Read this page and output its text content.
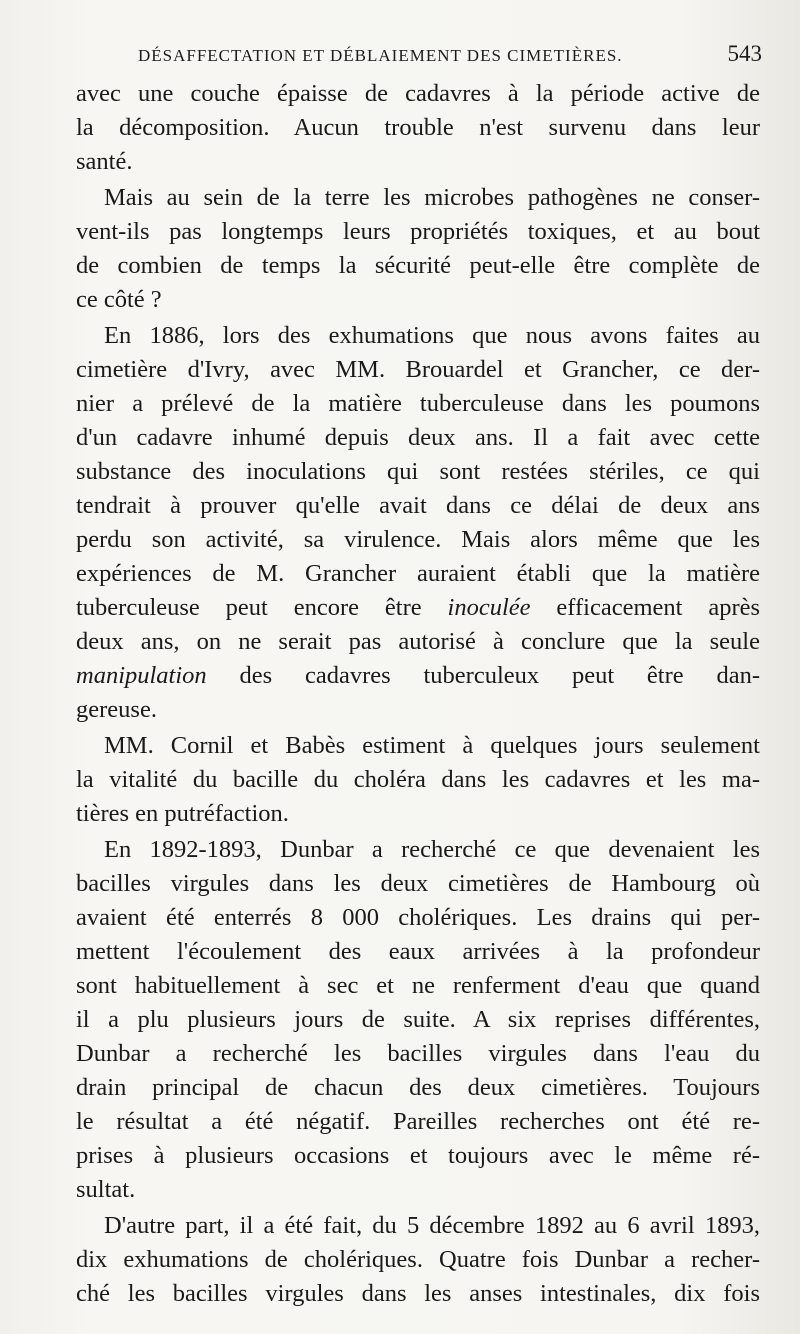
DÉSAFFECTATION ET DÉBLAIEMENT DES CIMETIÈRES.	543
avec une couche épaisse de cadavres à la période active de
la décomposition. Aucun trouble n'est survenu dans leur
santé.
Mais au sein de la terre les microbes pathogènes ne conser-
vent-ils pas longtemps leurs propriétés toxiques, et au bout
de combien de temps la sécurité peut-elle être complète de
ce côté ?
En 1886, lors des exhumations que nous avons faites au
cimetière d'Ivry, avec MM. Brouardel et Grancher, ce der-
nier a prélevé de la matière tuberculeuse dans les poumons
d'un cadavre inhumé depuis deux ans. Il a fait avec cette
substance des inoculations qui sont restées stériles, ce qui
tendrait à prouver qu'elle avait dans ce délai de deux ans
perdu son activité, sa virulence. Mais alors même que les
expériences de M. Grancher auraient établi que la matière
tuberculeuse peut encore être inoculée efficacement après
deux ans, on ne serait pas autorisé à conclure que la seule
manipulation des cadavres tuberculeux peut être dan-
gereuse.
MM. Cornil et Babès estiment à quelques jours seulement
la vitalité du bacille du choléra dans les cadavres et les ma-
tières en putréfaction.
En 1892-1893, Dunbar a recherché ce que devenaient les
bacilles virgules dans les deux cimetières de Hambourg où
avaient été enterrés 8 000 cholériques. Les drains qui per-
mettent l'écoulement des eaux arrivées à la profondeur
sont habituellement à sec et ne renferment d'eau que quand
il a plu plusieurs jours de suite. A six reprises différentes,
Dunbar a recherché les bacilles virgules dans l'eau du
drain principal de chacun des deux cimetières. Toujours
le résultat a été négatif. Pareilles recherches ont été re-
prises à plusieurs occasions et toujours avec le même ré-
sultat.
D'autre part, il a été fait, du 5 décembre 1892 au 6 avril 1893,
dix exhumations de cholériques. Quatre fois Dunbar a recher-
ché les bacilles virgules dans les anses intestinales, dix fois
